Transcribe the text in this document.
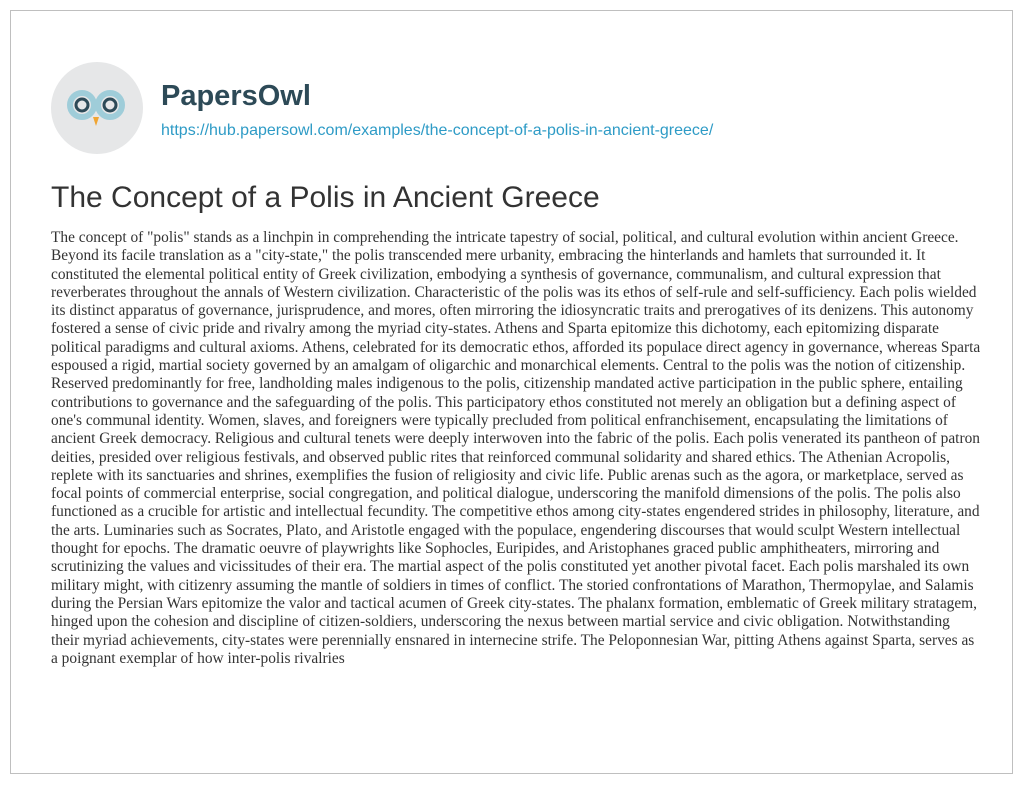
PapersOwl
https://hub.papersowl.com/examples/the-concept-of-a-polis-in-ancient-greece/
The Concept of a Polis in Ancient Greece

The concept of "polis" stands as a linchpin in comprehending the intricate tapestry of social, political, and cultural evolution within ancient Greece. Beyond its facile translation as a "city-state," the polis transcended mere urbanity, embracing the hinterlands and hamlets that surrounded it. It constituted the elemental political entity of Greek civilization, embodying a synthesis of governance, communalism, and cultural expression that reverberates throughout the annals of Western civilization. Characteristic of the polis was its ethos of self-rule and self-sufficiency. Each polis wielded its distinct apparatus of governance, jurisprudence, and mores, often mirroring the idiosyncratic traits and prerogatives of its denizens. This autonomy fostered a sense of civic pride and rivalry among the myriad city-states. Athens and Sparta epitomize this dichotomy, each epitomizing disparate political paradigms and cultural axioms. Athens, celebrated for its democratic ethos, afforded its populace direct agency in governance, whereas Sparta espoused a rigid, martial society governed by an amalgam of oligarchic and monarchical elements. Central to the polis was the notion of citizenship. Reserved predominantly for free, landholding males indigenous to the polis, citizenship mandated active participation in the public sphere, entailing contributions to governance and the safeguarding of the polis. This participatory ethos constituted not merely an obligation but a defining aspect of one's communal identity. Women, slaves, and foreigners were typically precluded from political enfranchisement, encapsulating the limitations of ancient Greek democracy. Religious and cultural tenets were deeply interwoven into the fabric of the polis. Each polis venerated its pantheon of patron deities, presided over religious festivals, and observed public rites that reinforced communal solidarity and shared ethics. The Athenian Acropolis, replete with its sanctuaries and shrines, exemplifies the fusion of religiosity and civic life. Public arenas such as the agora, or marketplace, served as focal points of commercial enterprise, social congregation, and political dialogue, underscoring the manifold dimensions of the polis. The polis also functioned as a crucible for artistic and intellectual fecundity. The competitive ethos among city-states engendered strides in philosophy, literature, and the arts. Luminaries such as Socrates, Plato, and Aristotle engaged with the populace, engendering discourses that would sculpt Western intellectual thought for epochs. The dramatic oeuvre of playwrights like Sophocles, Euripides, and Aristophanes graced public amphitheaters, mirroring and scrutinizing the values and vicissitudes of their era. The martial aspect of the polis constituted yet another pivotal facet. Each polis marshaled its own military might, with citizenry assuming the mantle of soldiers in times of conflict. The storied confrontations of Marathon, Thermopylae, and Salamis during the Persian Wars epitomize the valor and tactical acumen of Greek city-states. The phalanx formation, emblematic of Greek military stratagem, hinged upon the cohesion and discipline of citizen-soldiers, underscoring the nexus between martial service and civic obligation. Notwithstanding their myriad achievements, city-states were perennially ensnared in internecine strife. The Peloponnesian War, pitting Athens against Sparta, serves as a poignant exemplar of how inter-polis rivalries
